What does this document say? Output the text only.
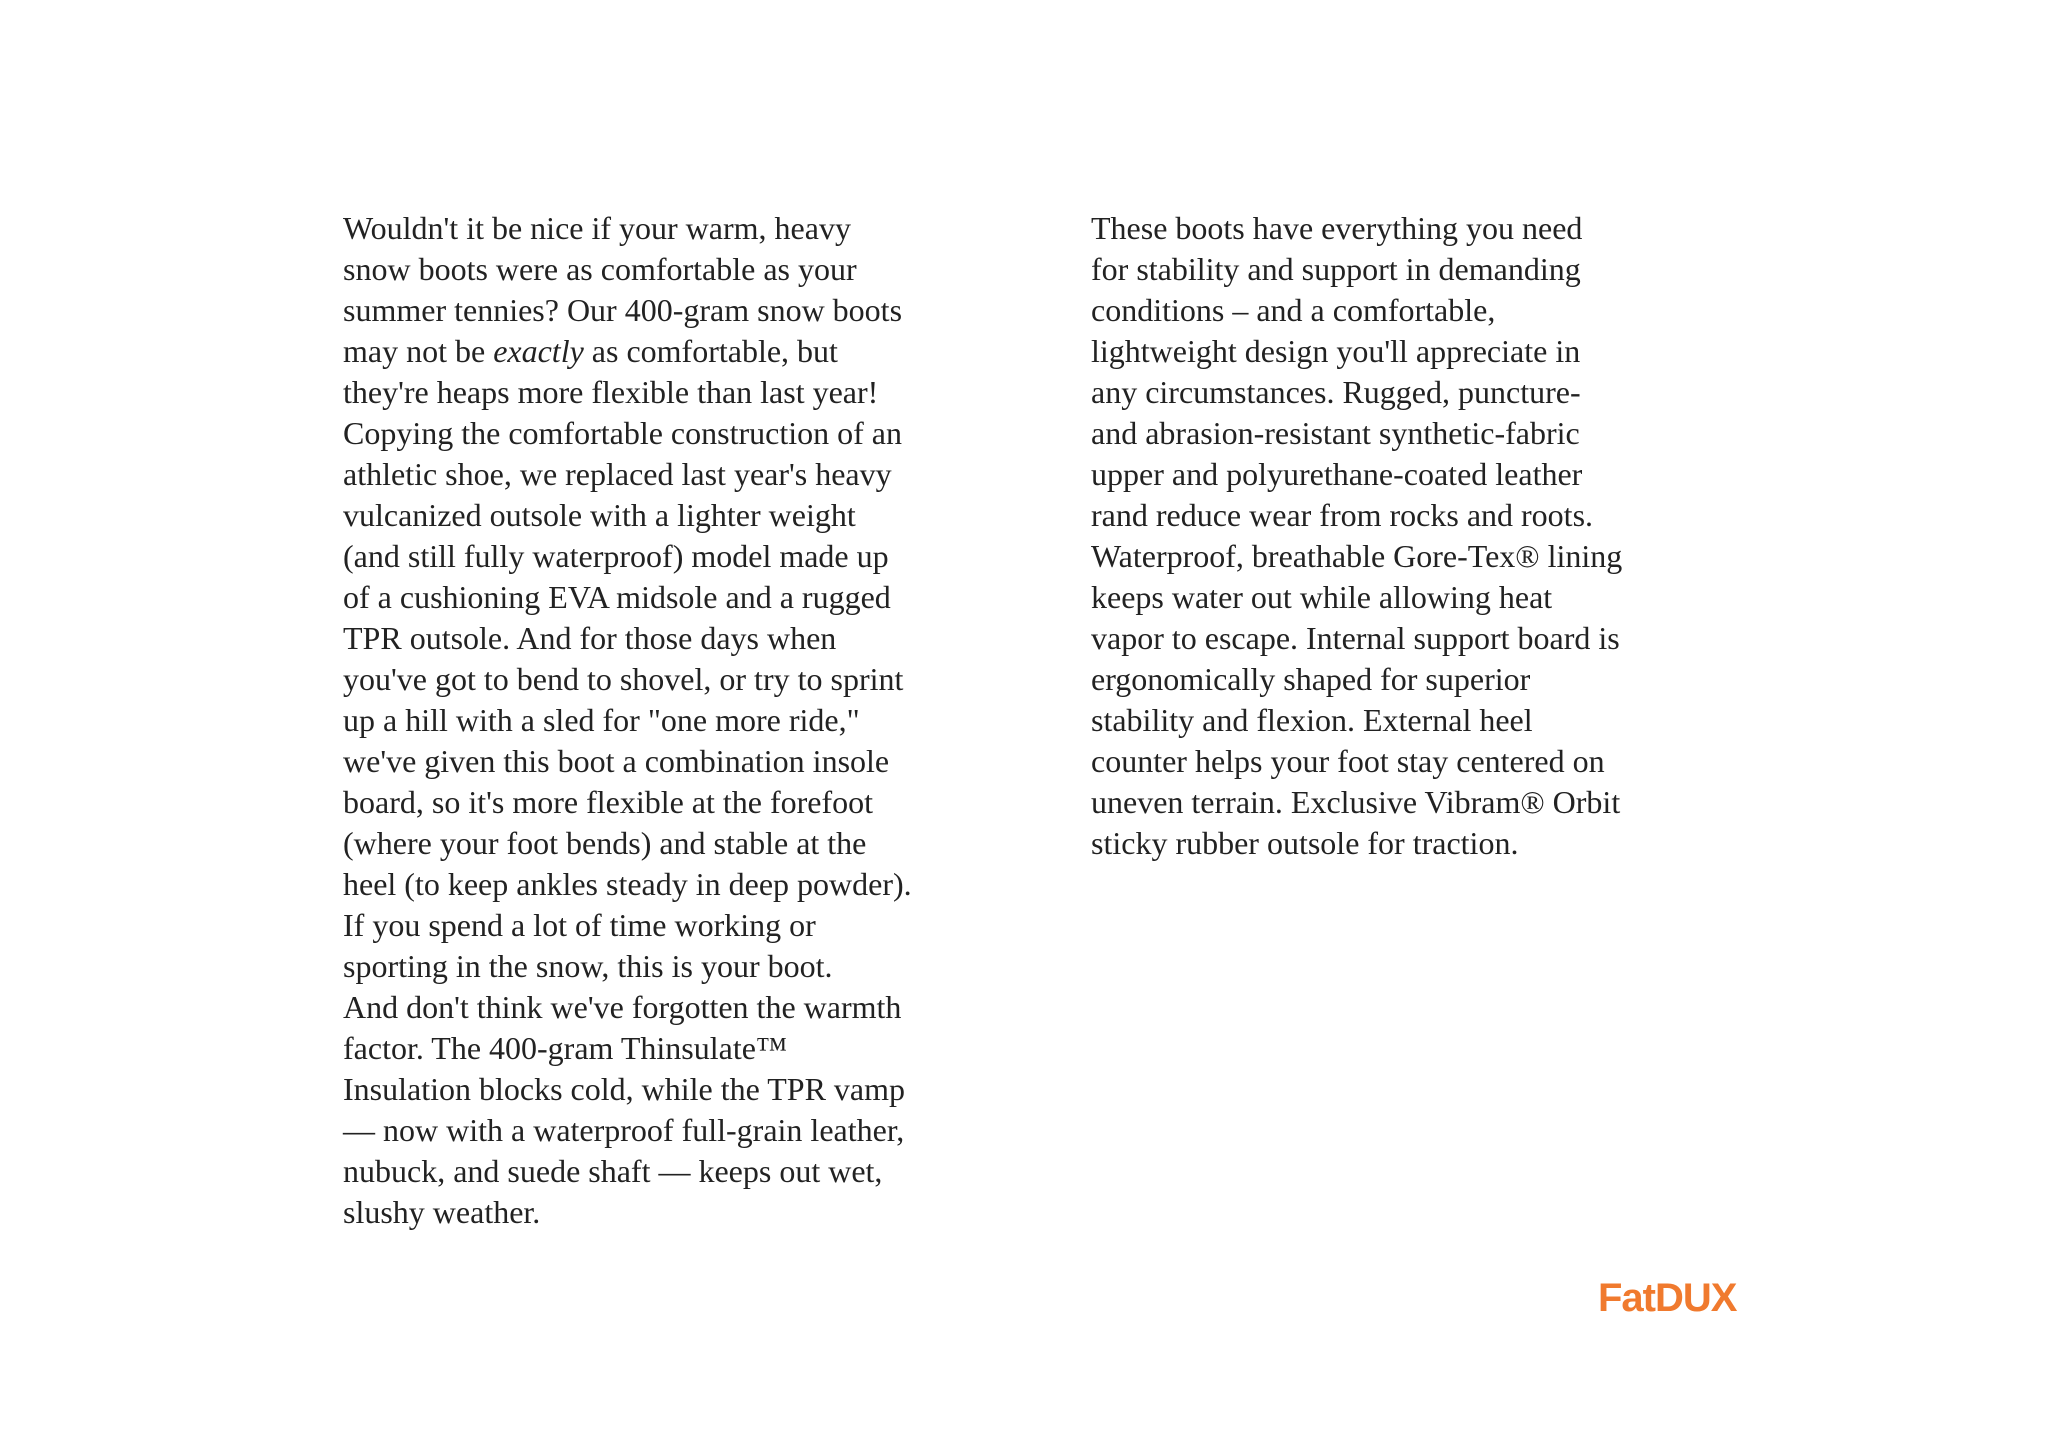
Wouldn't it be nice if your warm, heavy
snow boots were as comfortable as your
summer tennies? Our 400-gram snow boots
may not be exactly as comfortable, but
they're heaps more flexible than last year!
Copying the comfortable construction of an
athletic shoe, we replaced last year's heavy
vulcanized outsole with a lighter weight
(and still fully waterproof) model made up
of a cushioning EVA midsole and a rugged
TPR outsole. And for those days when
you've got to bend to shovel, or try to sprint
up a hill with a sled for "one more ride,"
we've given this boot a combination insole
board, so it's more flexible at the forefoot
(where your foot bends) and stable at the
heel (to keep ankles steady in deep powder).
If you spend a lot of time working or
sporting in the snow, this is your boot.
And don't think we've forgotten the warmth
factor. The 400-gram Thinsulate™
Insulation blocks cold, while the TPR vamp
— now with a waterproof full-grain leather,
nubuck, and suede shaft — keeps out wet,
slushy weather.
These boots have everything you need
for stability and support in demanding
conditions – and a comfortable,
lightweight design you'll appreciate in
any circumstances. Rugged, puncture-
and abrasion-resistant synthetic-fabric
upper and polyurethane-coated leather
rand reduce wear from rocks and roots.
Waterproof, breathable Gore-Tex® lining
keeps water out while allowing heat
vapor to escape. Internal support board is
ergonomically shaped for superior
stability and flexion. External heel
counter helps your foot stay centered on
uneven terrain. Exclusive Vibram® Orbit
sticky rubber outsole for traction.
FatDUX
